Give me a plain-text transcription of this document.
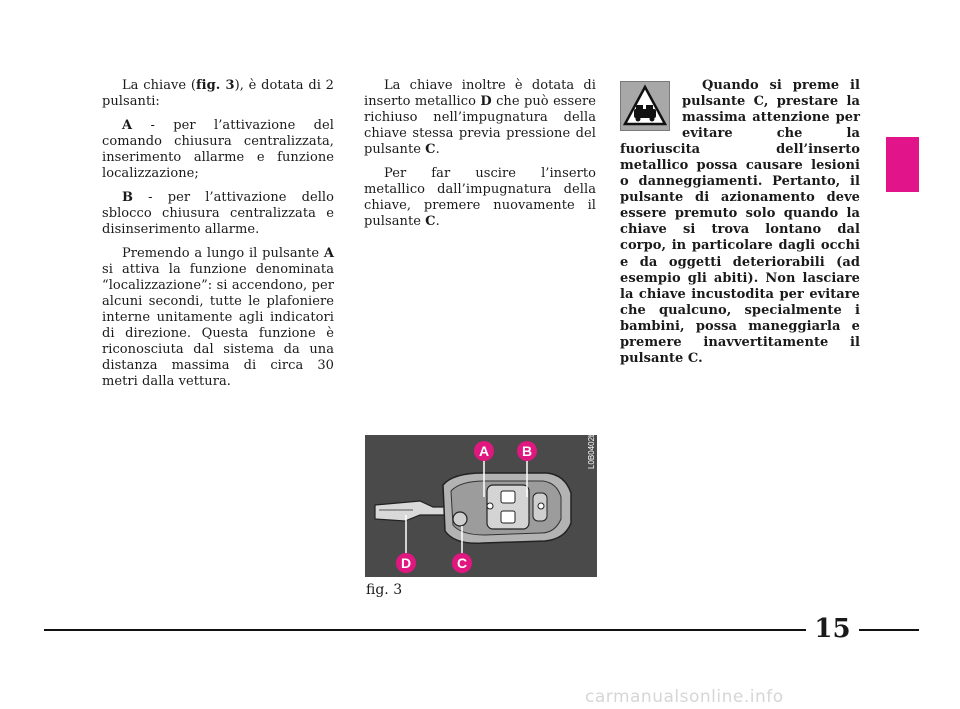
La chiave (fig. 3), è dotata di 2 pulsanti:

A - per l’attivazione del comando chiusura centralizzata, inserimento allarme e funzione localizzazione;

B - per l’attivazione dello sblocco chiusura centralizzata e disinserimento allarme.

Premendo a lungo il pulsante A si attiva la funzione denominata “localizzazione”: si accendono, per alcuni secondi, tutte le plafoniere interne unitamente agli indicatori di direzione. Questa funzione è riconosciuta dal sistema da una distanza massima di circa 30 metri dalla vettura.

La chiave inoltre è dotata di inserto metallico D che può essere richiuso nell’impugnatura della chiave stessa previa pressione del pulsante C.

Per far uscire l’inserto metallico dall’impugnatura della chiave, premere nuovamente il pulsante C.

Quando si preme il pulsante C, prestare la massima attenzione per evitare che la fuoriuscita dell’inserto metallico possa causare lesioni o danneggiamenti. Pertanto, il pulsante di azionamento deve essere premuto solo quando la chiave si trova lontano dal corpo, in particolare dagli occhi e da oggetti deteriorabili (ad esempio gli abiti). Non lasciare la chiave incustodita per evitare che qualcuno, specialmente i bambini, possa maneggiarla e premere inavvertitamente il pulsante C.

A B
D	C
L0B0402b
fig. 3
15
carmanualsonline.info
